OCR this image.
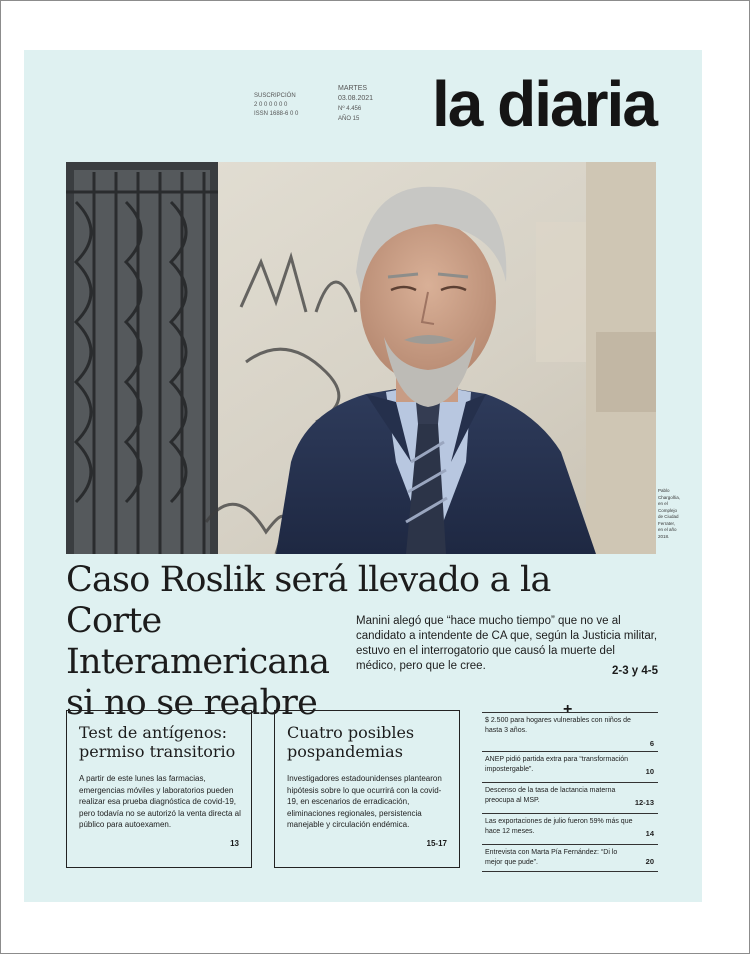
SUSCRIPCIÓN
2 0 0 0 0 0 0
ISSN 1688-6 0 0
MARTES
03.08.2021
Nº 4.456
AÑO 15 la diaria
Pablo
Chargoñia,
en el
Complejo
de Ciudad
Ferrater,
en el año
2018.
Caso Roslik será llevado a la Corte
Interamericana
si no se reabre
Manini alegó que “hace mucho tiempo” que no ve al candidato a intendente de CA que, según la Justicia militar, estuvo en el interrogatorio que causó la muerte del médico, pero que le cree.	2-3 y 4-5
Test de antígenos: permiso transitorio

A partir de este lunes las farmacias, emergencias móviles y laboratorios pueden realizar esa prueba diagnóstica de covid-19, pero todavía no se autorizó la venta directa al público para autoexamen.

13
Cuatro posibles pospandemias

Investigadores estadounidenses plantearon hipótesis sobre lo que ocurrirá con la covid-19, en escenarios de erradicación, eliminaciones regionales, persistencia manejable y circulación endémica.

15-17
+
$ 2.500 para hogares vulnerables con niños de hasta 3 años.
6
ANEP pidió partida extra para “transformación impostergable”.	10
Descenso de la tasa de lactancia materna preocupa al MSP.	12-13
Las exportaciones de julio fueron 59% más que hace 12 meses.	14
Entrevista con Marta Pía Fernández: “Di lo mejor que pude”.	20
